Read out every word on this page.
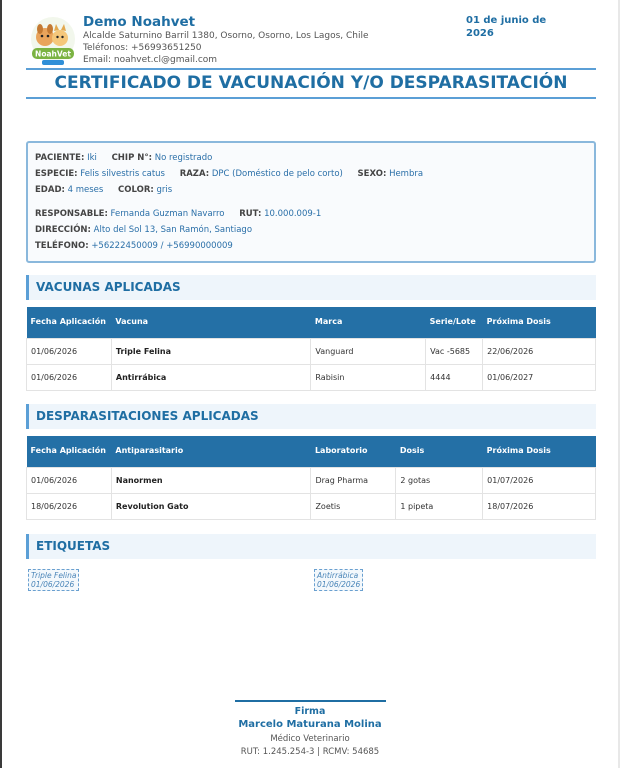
NoahVet
Demo Noahvet
Alcalde Saturnino Barril 1380, Osorno, Osorno, Los Lagos, Chile
Teléfonos: +56993651250
Email: noahvet.cl@gmail.com
01 de junio de 2026
CERTIFICADO DE VACUNACIÓN Y/O DESPARASITACIÓN
PACIENTE: Iki CHIP N°: No registrado
ESPECIE: Felis silvestris catus RAZA: DPC (Doméstico de pelo corto) SEXO: Hembra
EDAD: 4 meses COLOR: gris
RESPONSABLE: Fernanda Guzman Navarro RUT: 10.000.009-1
DIRECCIÓN: Alto del Sol 13, San Ramón, Santiago
TELÉFONO: +56222450009 / +56990000009
VACUNAS APLICADAS
Fecha Aplicación	Vacuna	Marca	Serie/Lote	Próxima Dosis
01/06/2026	Triple Felina	Vanguard	Vac -5685	22/06/2026
01/06/2026	Antirrábica	Rabisin	4444	01/06/2027
DESPARASITACIONES APLICADAS
Fecha Aplicación	Antiparasitario	Laboratorio	Dosis	Próxima Dosis
01/06/2026	Nanormen	Drag Pharma	2 gotas	01/07/2026
18/06/2026	Revolution Gato	Zoetis	1 pipeta	18/07/2026
ETIQUETAS
Triple Felina
01/06/2026
Antirrábica
01/06/2026
Firma
Marcelo Maturana Molina
Médico Veterinario
RUT: 1.245.254-3 | RCMV: 54685
